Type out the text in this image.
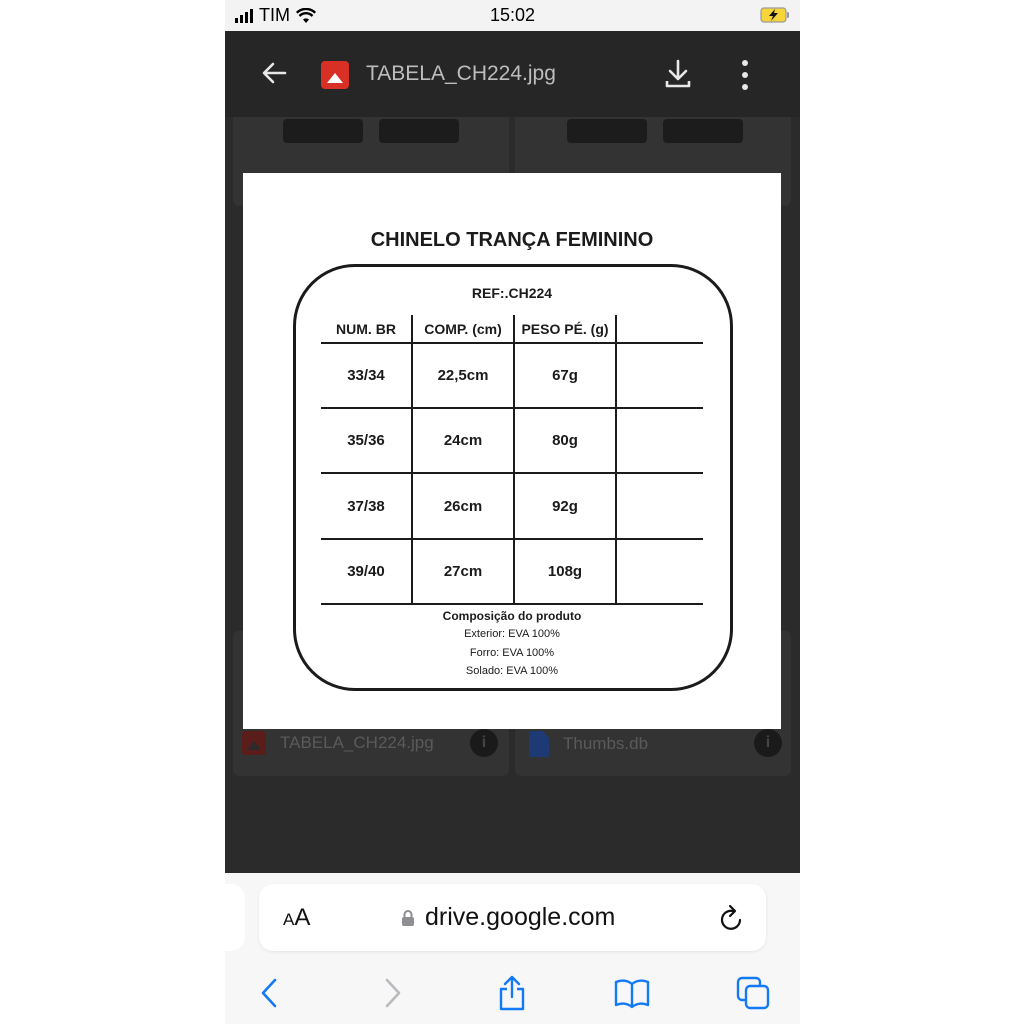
TIM	15:02
TABELA_CH224.jpg	i	Thumbs.db	i
TABELA_CH224.jpg
CHINELO TRANÇA FEMININO
REF:.CH224
NUM. BR	COMP. (cm)	PESO PÉ. (g)
33/34	22,5cm	67g
35/36	24cm	80g
37/38	26cm	92g
39/40	27cm	108g
Composição do produto
Exterior: EVA 100%
Forro: EVA 100%
Solado: EVA 100%
AA	drive.google.com
